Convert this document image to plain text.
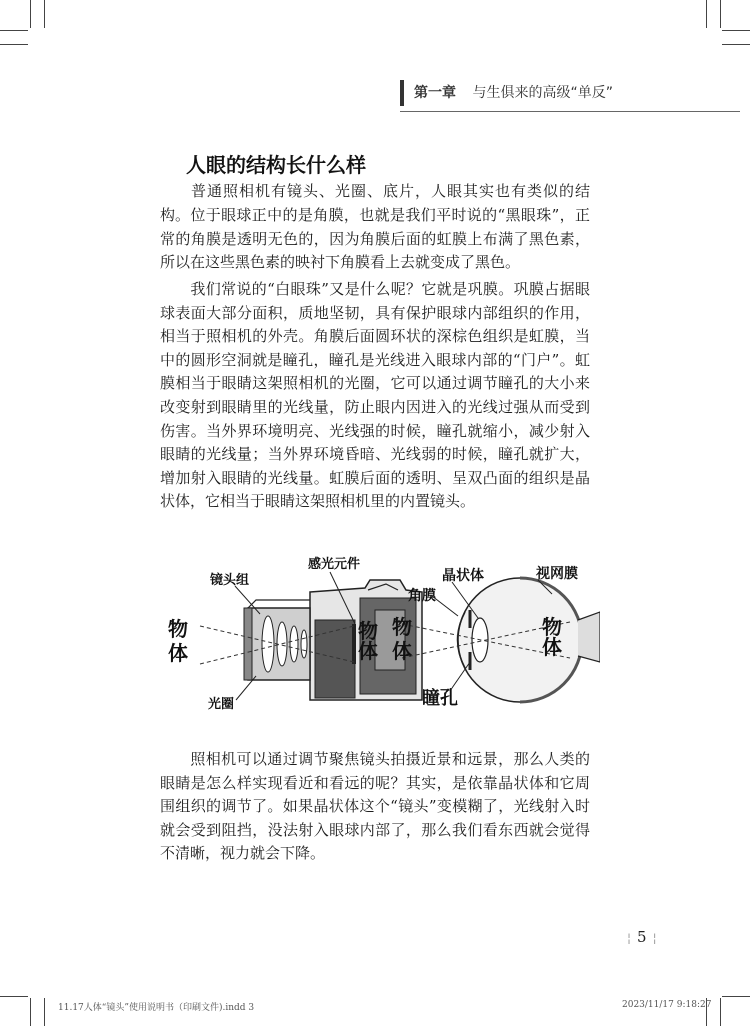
第一章 与生俱来的高级“单反”
人眼的结构长什么样

普通照相机有镜头、光圈、底片，人眼其实也有类似的结构。 位于眼球正中的是角膜，也就是我们平时说的“黑眼珠”，正常的角膜是透明无色的，因为角膜后面的虹膜上布满了黑色素，所以在这些黑色素的映衬下角膜看上去就变成了黑色。

我们常说的“白眼珠”又是什么呢？它就是巩膜。巩膜占据眼球表面大部分面积，质地坚韧，具有保护眼球内部组织的作用，相当于照相机的外壳。角膜后面圆环状的深棕色组织是虹膜，当中的圆形空洞就是瞳孔，瞳孔是光线进入眼球内部的“门户”。虹膜相当于眼睛这架照相机的光圈，它可以通过调节瞳孔的大小来改变射到眼睛里的光线量，防止眼内因进入的光线过强从而受到伤害。当外界环境明亮、光线强的时候，瞳孔就缩小，减少射入眼睛的光线量；当外界环境昏暗、光线弱的时候，瞳孔就扩大，增加射入眼睛的光线量。虹膜后面的透明、呈双凸面的组织是晶状体，它相当于眼睛这架照相机里的内置镜头。

物
体
镜头组
感光元件
物
体
光圈
物
体
晶状体	视网膜
角膜
物
体
瞳孔

照相机可以通过调节聚焦镜头拍摄近景和远景，那么人类的眼睛是怎么样实现看近和看远的呢？其实，是依靠晶状体和它周围组织的调节了。如果晶状体这个“镜头”变模糊了，光线射入时就会受到阻挡，没法射入眼球内部了，那么我们看东西就会觉得不清晰，视力就会下降。

¦ 5 ¦
11.17人体“镜头”使用说明书（印刷文件).indd 3	2023/11/17 9:18:27
